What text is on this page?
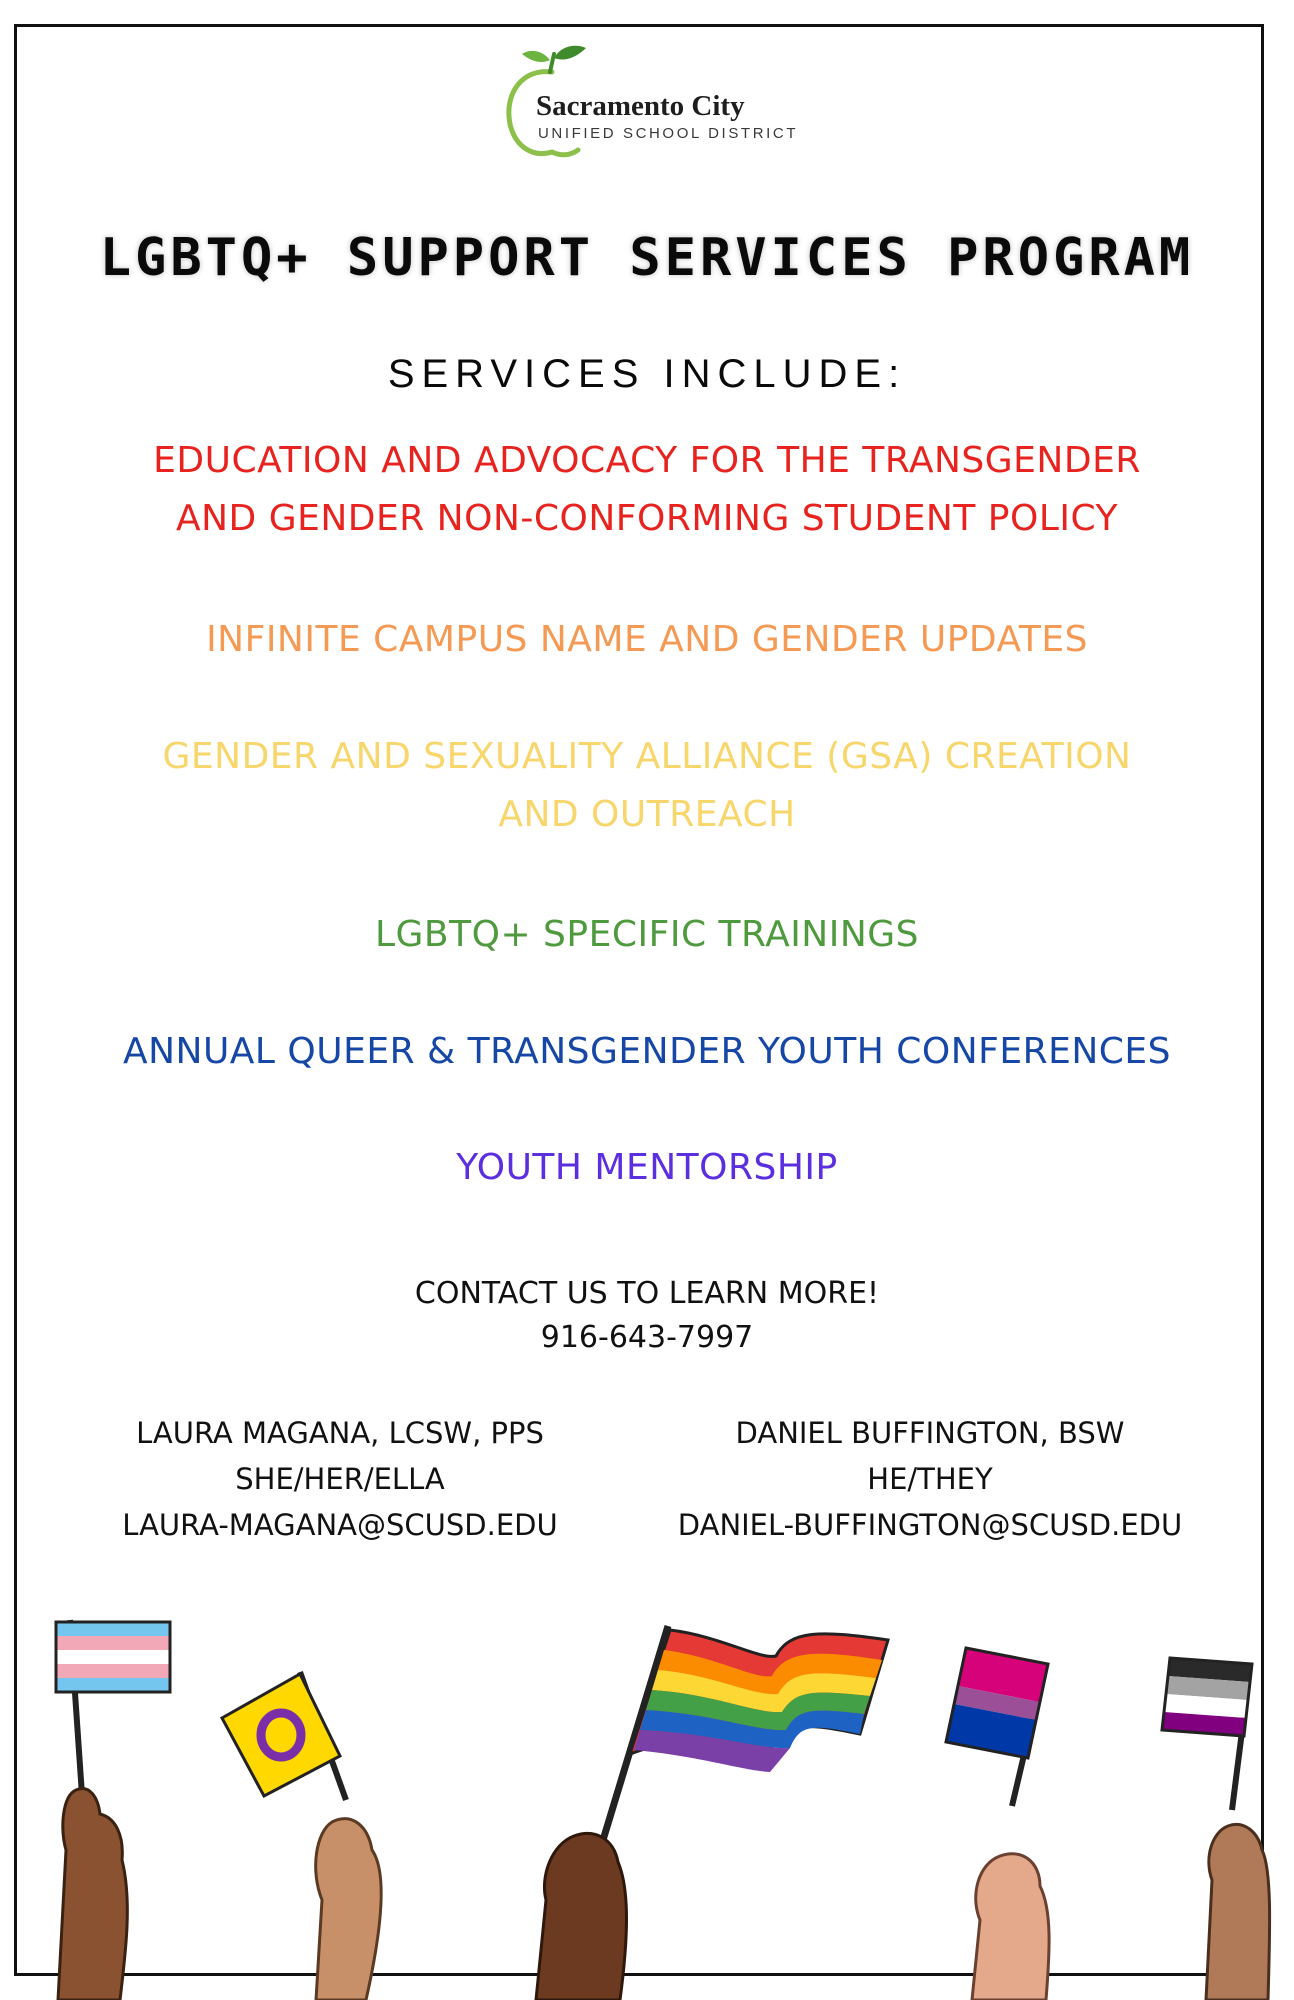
Sacramento City
UNIFIED SCHOOL DISTRICT
LGBTQ+ SUPPORT SERVICES PROGRAM
SERVICES INCLUDE:
EDUCATION AND ADVOCACY FOR THE TRANSGENDER AND GENDER NON-CONFORMING STUDENT POLICY
INFINITE CAMPUS NAME AND GENDER UPDATES
GENDER AND SEXUALITY ALLIANCE (GSA) CREATION AND OUTREACH
LGBTQ+ SPECIFIC TRAININGS
ANNUAL QUEER & TRANSGENDER YOUTH CONFERENCES
YOUTH MENTORSHIP
CONTACT US TO LEARN MORE!
916-643-7997
LAURA MAGANA, LCSW, PPS
SHE/HER/ELLA
LAURA-MAGANA@SCUSD.EDU
DANIEL BUFFINGTON, BSW
HE/THEY
DANIEL-BUFFINGTON@SCUSD.EDU
